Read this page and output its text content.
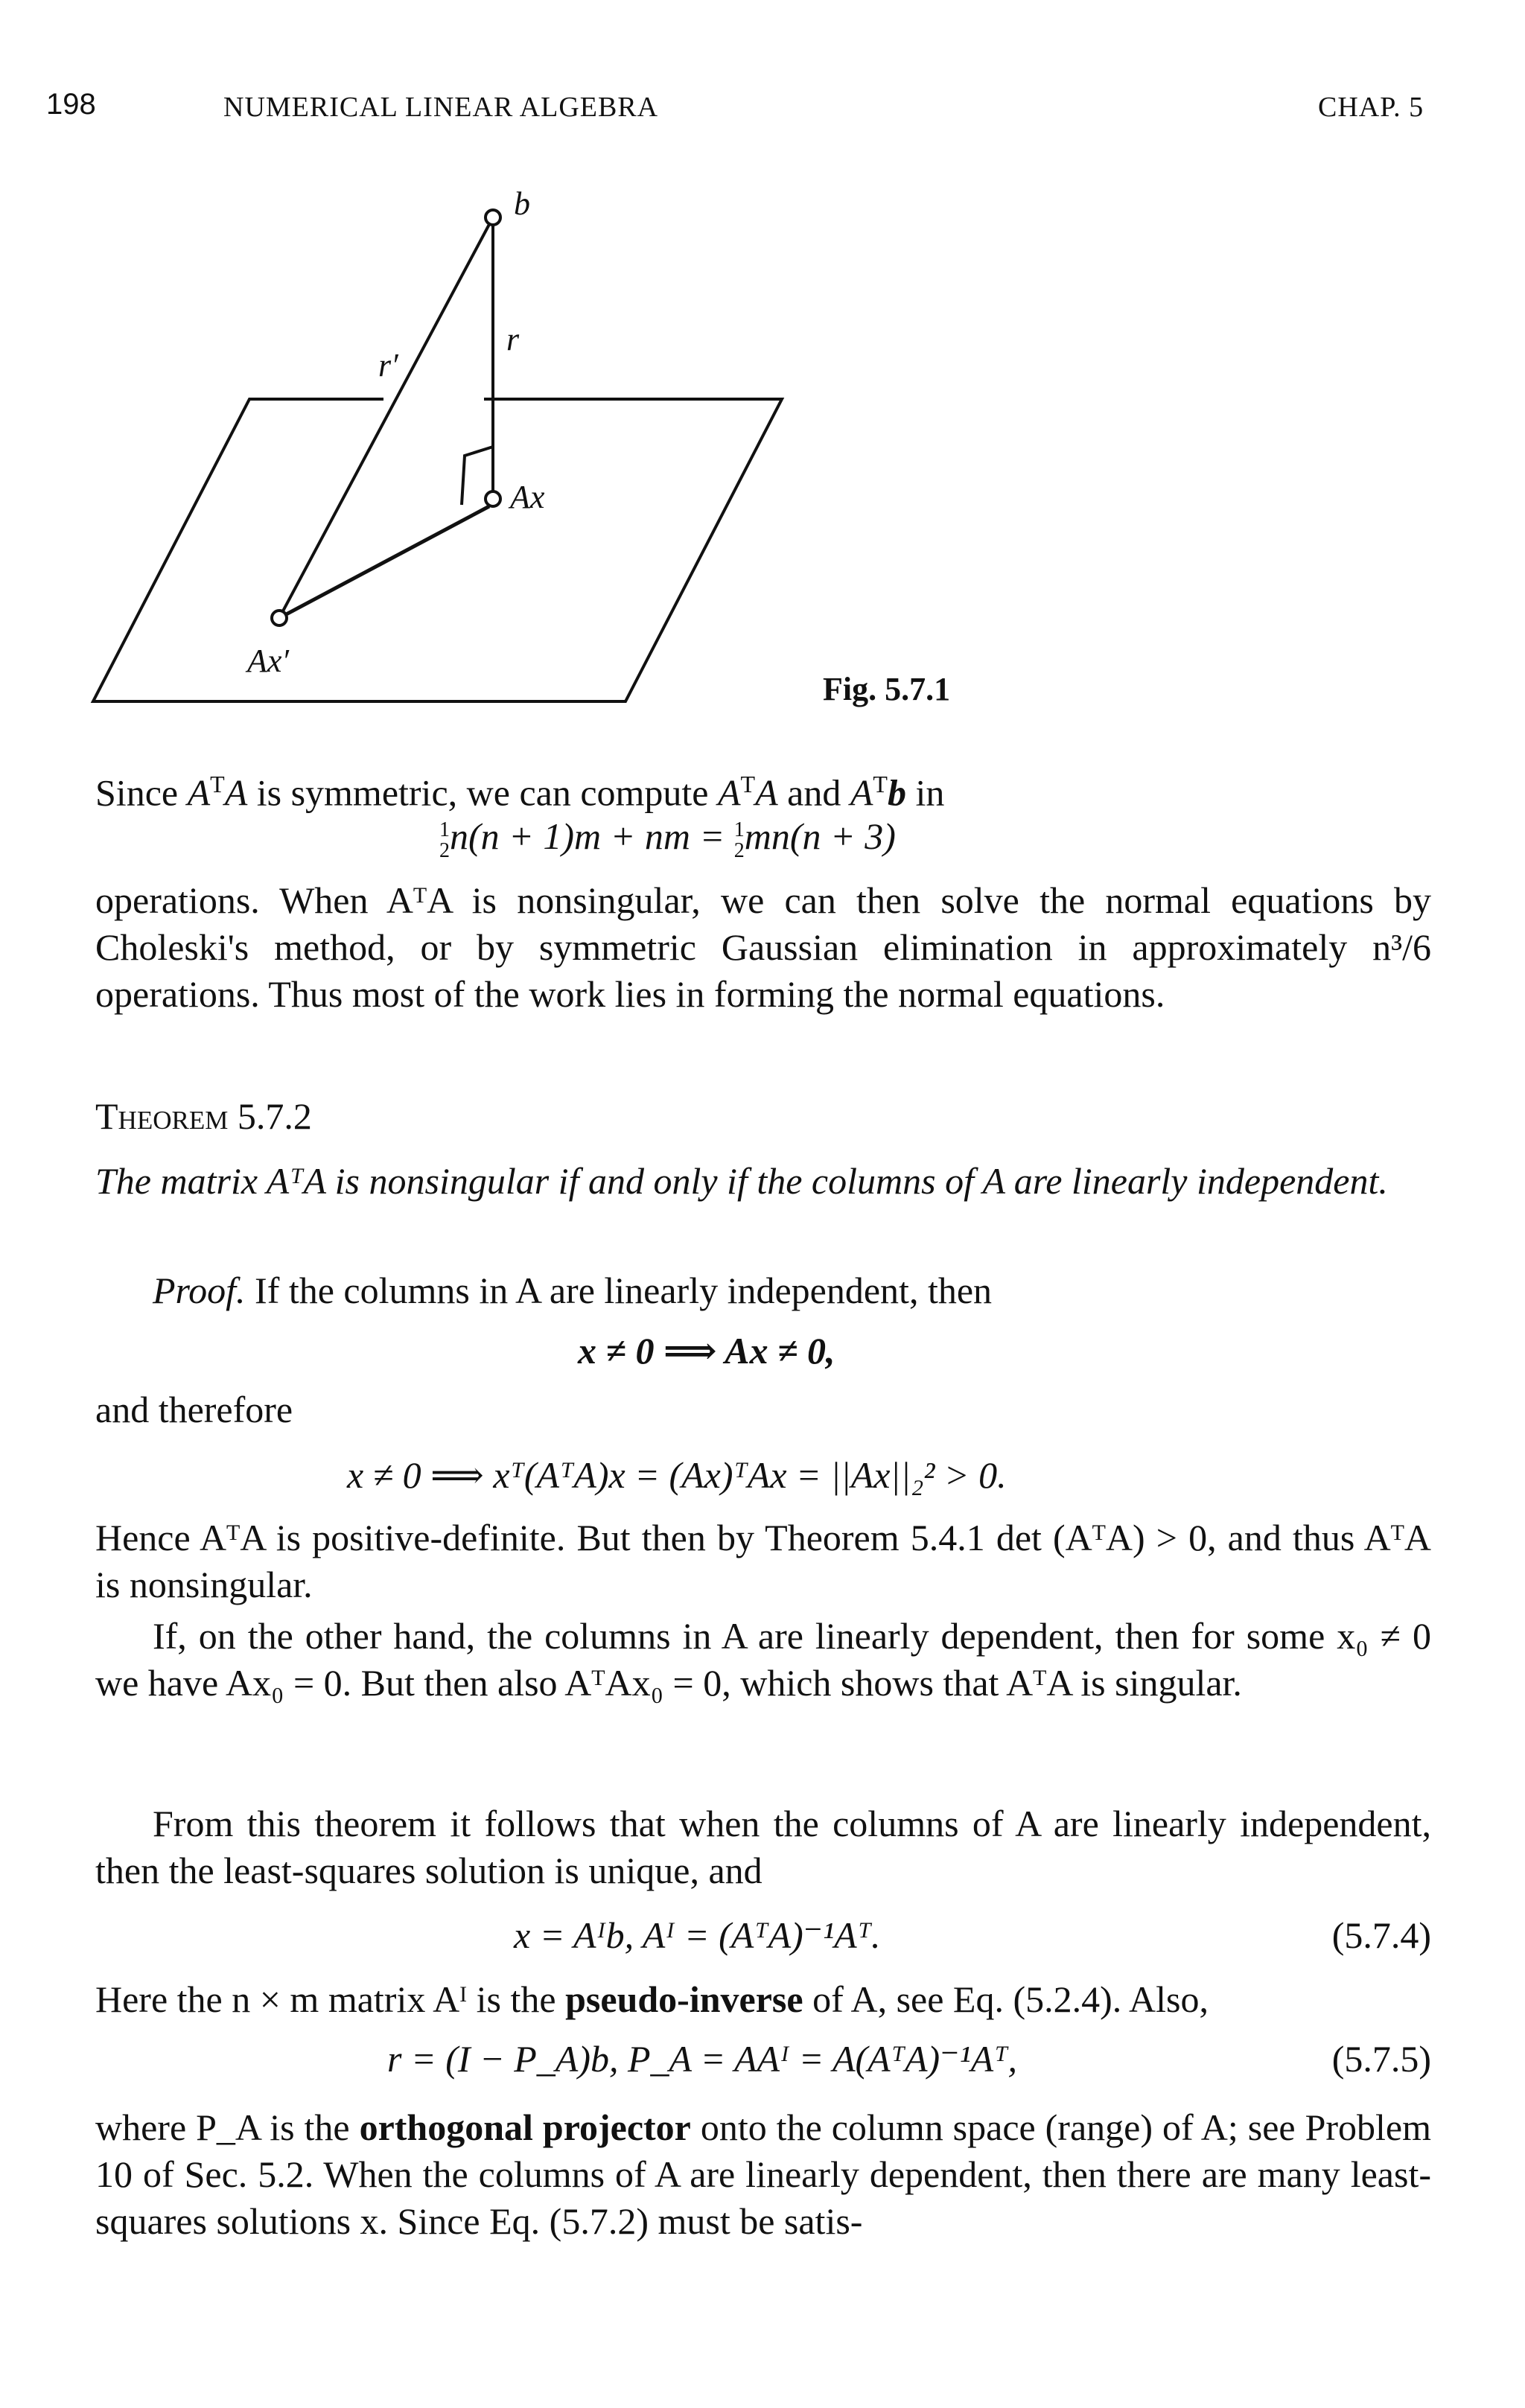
198	NUMERICAL LINEAR ALGEBRA	CHAP. 5
b
r
r′
Ax
Ax′
Fig. 5.7.1
Since $A^TA$ is symmetric, we can compute $A^TA$ and $A^Tb$ in
1
2 n(n + 1)m + nm = 1
2 mn(n + 3)
operations. When AᵀA is nonsingular, we can then solve the normal equations by Choleski's method, or by symmetric Gaussian elimination in approximately n³/6 operations. Thus most of the work lies in forming the normal equations.
Theorem 5.7.2
The matrix AᵀA is nonsingular if and only if the columns of A are linearly independent.
Proof. If the columns in A are linearly independent, then
x ≠ 0 ⟹ Ax ≠ 0,
and therefore
x ≠ 0 ⟹ xᵀ(AᵀA)x = (Ax)ᵀAx = ||Ax||₂² > 0.
Hence AᵀA is positive-definite. But then by Theorem 5.4.1 det (AᵀA) > 0, and thus AᵀA is nonsingular.
If, on the other hand, the columns in A are linearly dependent, then for some x₀ ≠ 0 we have Ax₀ = 0. But then also AᵀAx₀ = 0, which shows that AᵀA is singular.
From this theorem it follows that when the columns of A are linearly independent, then the least-squares solution is unique, and
x = Aᴵb, Aᴵ = (AᵀA)⁻¹Aᵀ.	(5.7.4)
Here the n × m matrix Aᴵ is the pseudo-inverse of A, see Eq. (5.2.4). Also,
r = (I − P_A)b, P_A = AAᴵ = A(AᵀA)⁻¹Aᵀ,	(5.7.5)
where P_A is the orthogonal projector onto the column space (range) of A; see Problem 10 of Sec. 5.2. When the columns of A are linearly dependent, then there are many least-squares solutions x. Since Eq. (5.7.2) must be satis-
